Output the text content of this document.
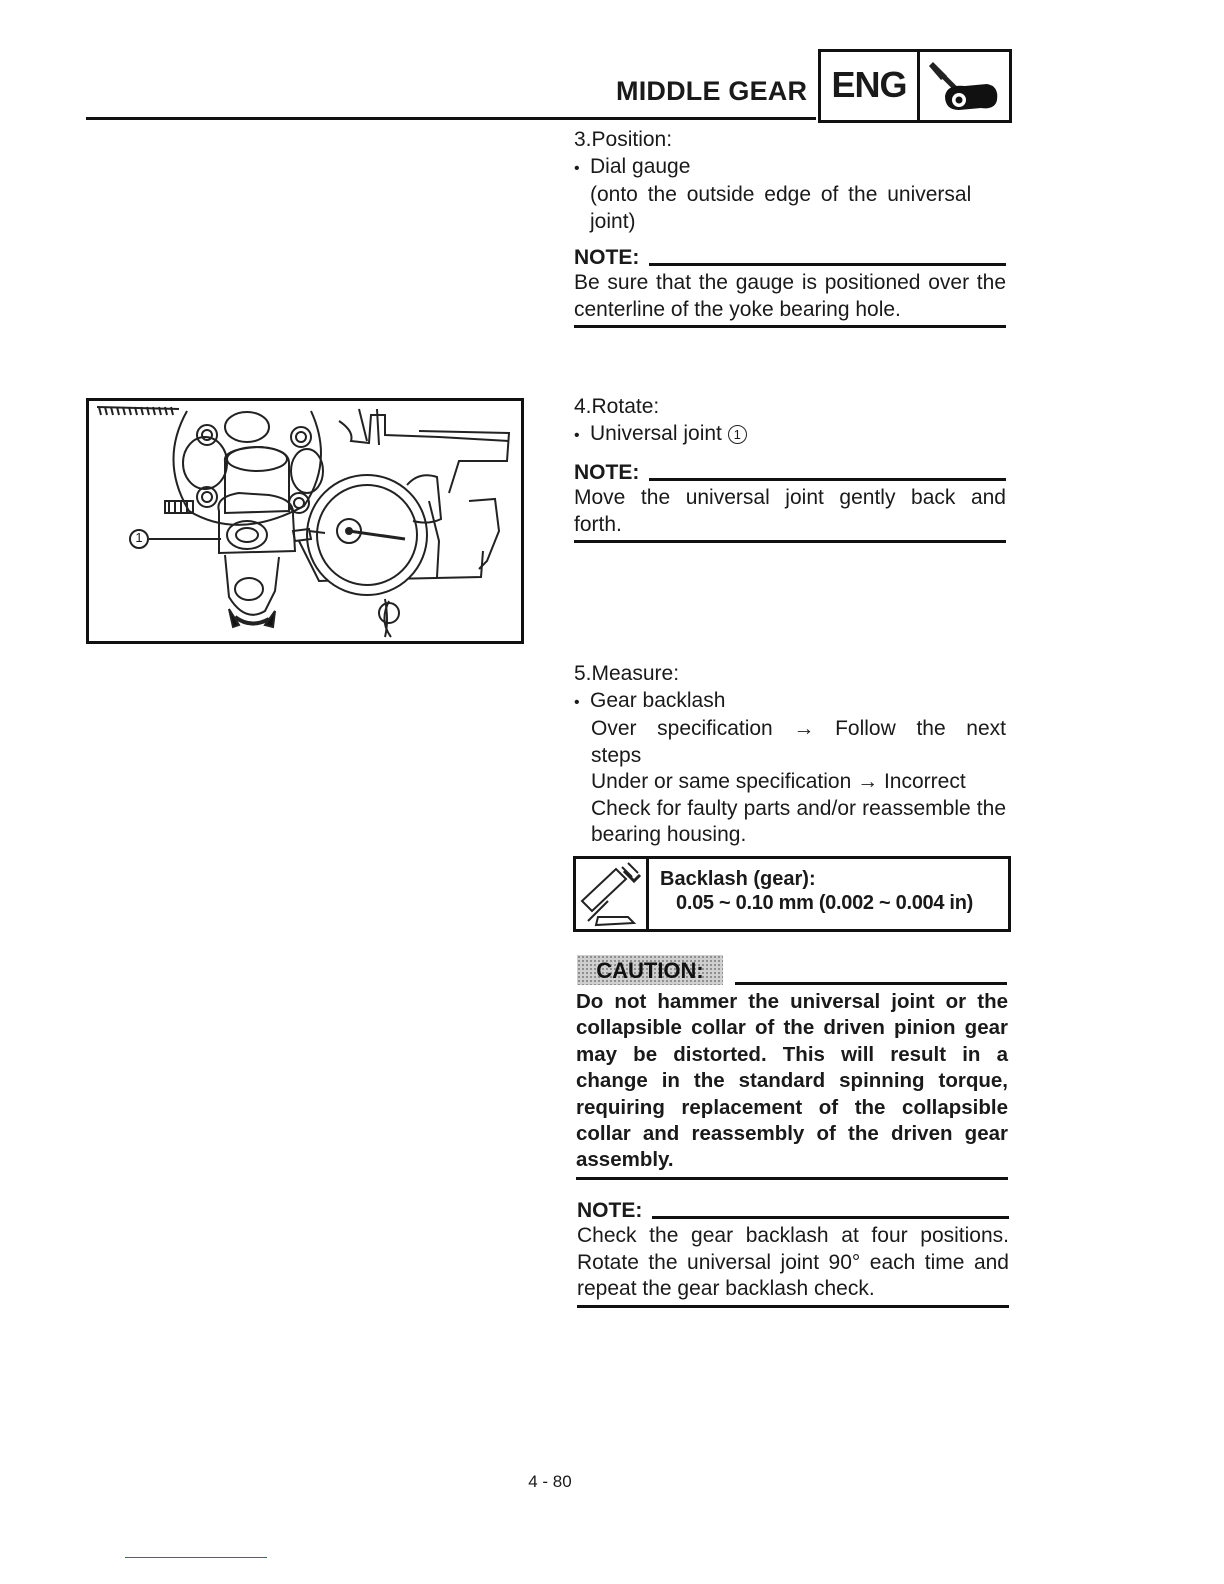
MIDDLE GEAR ENG

3.Position:

• Dial gauge

(onto the outside edge of the universal

joint)

NOTE:

Be sure that the gauge is positioned over the centerline of the yoke bearing hole.

1

4.Rotate:

• Universal joint 1

NOTE:

Move the universal joint gently back and forth.

5.Measure:

• Gear backlash

Over specification → Follow the next steps

Under or same specification → Incorrect

Check for faulty parts and/or reassemble the bearing housing.

Backlash (gear):
0.05 ~ 0.10 mm (0.002 ~ 0.004 in)
CAUTION:

Do not hammer the universal joint or the collapsible collar of the driven pinion gear may be distorted. This will result in a change in the standard spinning torque, requiring replacement of the collapsible collar and reassembly of the driven gear assembly.

NOTE:

Check the gear backlash at four positions. Rotate the universal joint 90° each time and repeat the gear backlash check.

4 - 80
